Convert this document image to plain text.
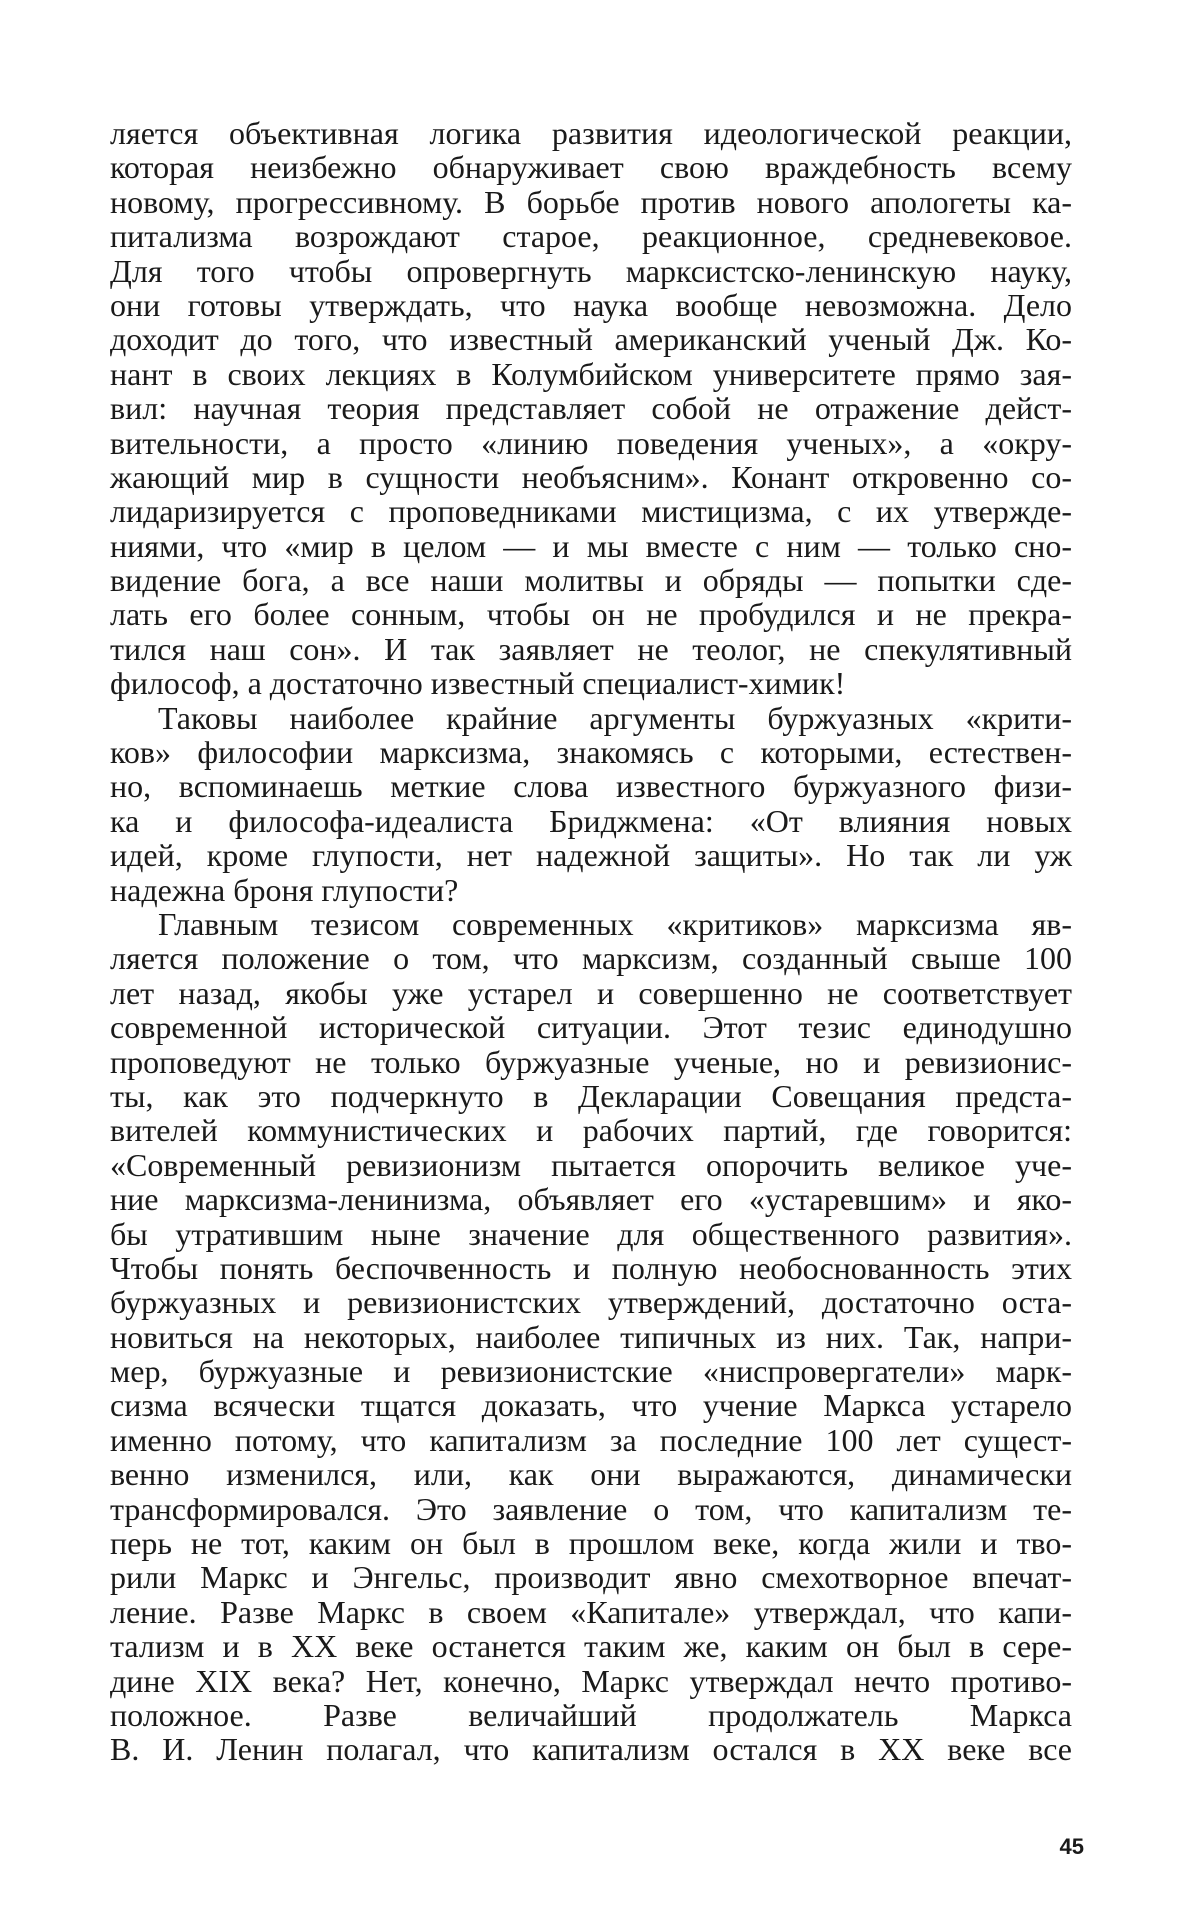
ляется объективная логика развития идеологической реакции,
которая неизбежно обнаруживает свою враждебность всему
новому, прогрессивному. В борьбе против нового апологеты ка-
питализма возрождают старое, реакционное, средневековое.
Для того чтобы опровергнуть марксистско-ленинскую науку,
они готовы утверждать, что наука вообще невозможна. Дело
доходит до того, что известный американский ученый Дж. Ко-
нант в своих лекциях в Колумбийском университете прямо зая-
вил: научная теория представляет собой не отражение дейст-
вительности, а просто «линию поведения ученых», а «окру-
жающий мир в сущности необъясним». Конант откровенно со-
лидаризируется с проповедниками мистицизма, с их утвержде-
ниями, что «мир в целом — и мы вместе с ним — только сно-
видение бога, а все наши молитвы и обряды — попытки сде-
лать его более сонным, чтобы он не пробудился и не прекра-
тился наш сон». И так заявляет не теолог, не спекулятивный
философ, а достаточно известный специалист-химик!
Таковы наиболее крайние аргументы буржуазных «крити-
ков» философии марксизма, знакомясь с которыми, естествен-
но, вспоминаешь меткие слова известного буржуазного физи-
ка и философа-идеалиста Бриджмена: «От влияния новых
идей, кроме глупости, нет надежной защиты». Но так ли уж
надежна броня глупости?
Главным тезисом современных «критиков» марксизма яв-
ляется положение о том, что марксизм, созданный свыше 100
лет назад, якобы уже устарел и совершенно не соответствует
современной исторической ситуации. Этот тезис единодушно
проповедуют не только буржуазные ученые, но и ревизионис-
ты, как это подчеркнуто в Декларации Совещания предста-
вителей коммунистических и рабочих партий, где говорится:
«Современный ревизионизм пытается опорочить великое уче-
ние марксизма-ленинизма, объявляет его «устаревшим» и яко-
бы утратившим ныне значение для общественного развития».
Чтобы понять беспочвенность и полную необоснованность этих
буржуазных и ревизионистских утверждений, достаточно оста-
новиться на некоторых, наиболее типичных из них. Так, напри-
мер, буржуазные и ревизионистские «ниспровергатели» марк-
сизма всячески тщатся доказать, что учение Маркса устарело
именно потому, что капитализм за последние 100 лет сущест-
венно изменился, или, как они выражаются, динамически
трансформировался. Это заявление о том, что капитализм те-
перь не тот, каким он был в прошлом веке, когда жили и тво-
рили Маркс и Энгельс, производит явно смехотворное впечат-
ление. Разве Маркс в своем «Капитале» утверждал, что капи-
тализм и в XX веке останется таким же, каким он был в сере-
дине XIX века? Нет, конечно, Маркс утверждал нечто противо-
положное. Разве величайший продолжатель Маркса
В. И. Ленин полагал, что капитализм остался в XX веке все
45
